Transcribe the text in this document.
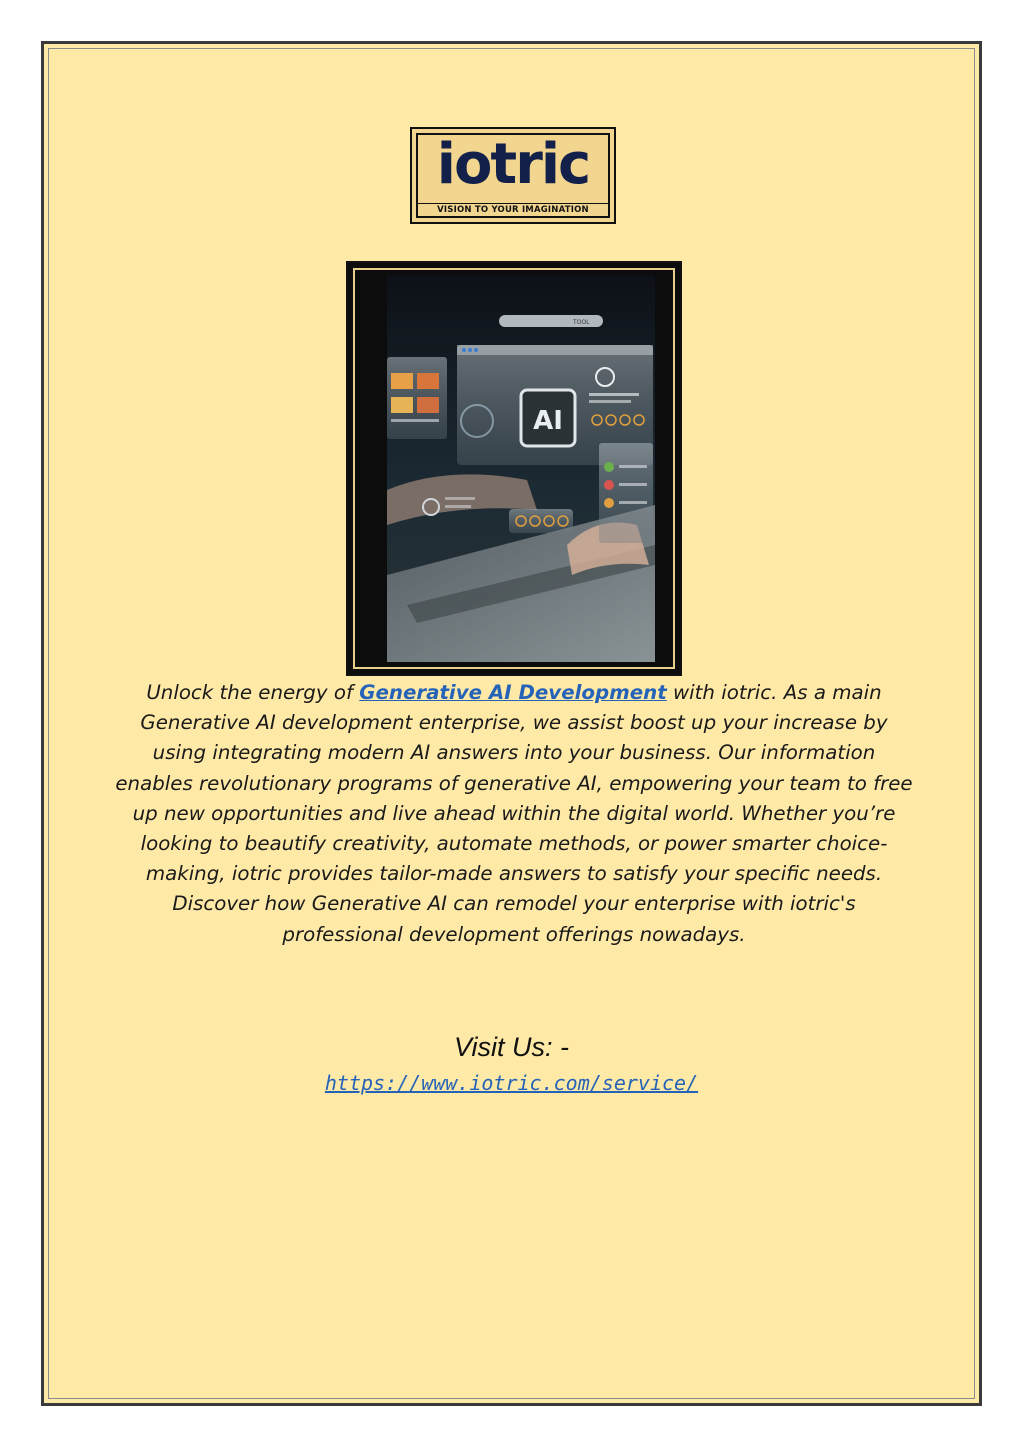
iotric
VISION TO YOUR IMAGINATION
TOOL
AI

Unlock the energy of Generative AI Development with iotric. As a main Generative AI development enterprise, we assist boost up your increase by using integrating modern AI answers into your business. Our information enables revolutionary programs of generative AI, empowering your team to free up new opportunities and live ahead within the digital world. Whether you’re looking to beautify creativity, automate methods, or power smarter choice-making, iotric provides tailor-made answers to satisfy your specific needs. Discover how Generative AI can remodel your enterprise with iotric's professional development offerings nowadays.

Visit Us: -
https://www.iotric.com/service/
